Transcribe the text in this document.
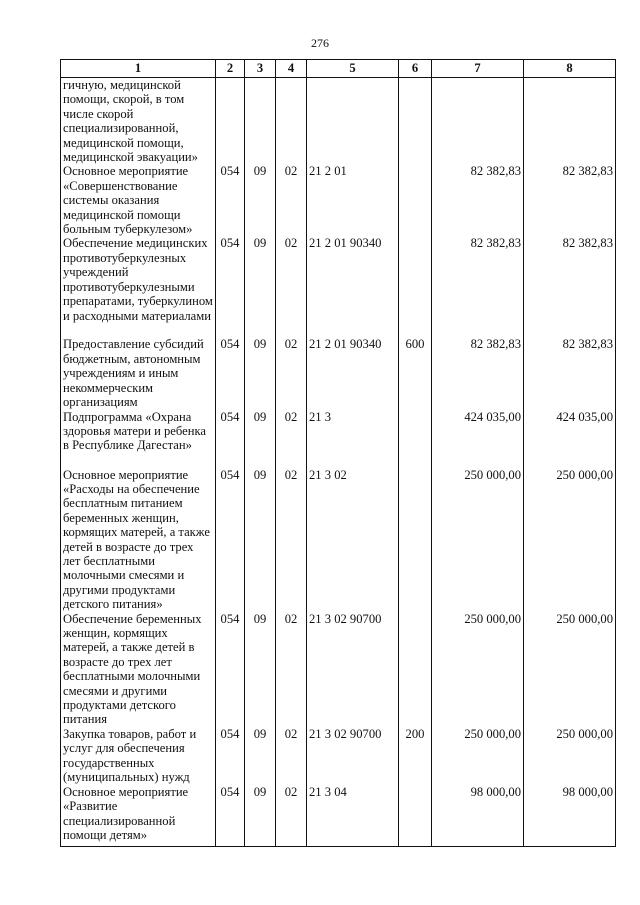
276
1	2	3	4	5	6	7	8
гичную, медицинской помощи, скорой, в том числе скорой специализированной, медицинской помощи, медицинской эвакуации»							
Основное мероприятие «Совершенствование системы оказания медицинской помощи больным туберкулезом»	054	09	02	21 2 01		82 382,83	82 382,83
Обеспечение медицинских противотуберкулезных учреждений противотуберкулезными препаратами, туберкулином и расходными материалами	054	09	02	21 2 01 90340		82 382,83	82 382,83
Предоставление субсидий бюджетным, автономным учреждениям и иным некоммерческим организациям	054	09	02	21 2 01 90340	600	82 382,83	82 382,83
Подпрограмма «Охрана здоровья матери и ребенка в Республике Дагестан»	054	09	02	21 3		424 035,00	424 035,00
Основное мероприятие «Расходы на обеспечение бесплатным питанием беременных женщин, кормящих матерей, а также детей в возрасте до трех лет бесплатными молочными смесями и другими продуктами детского питания»	054	09	02	21 3 02		250 000,00	250 000,00
Обеспечение беременных женщин, кормящих матерей, а также детей в возрасте до трех лет бесплатными молочными смесями и другими продуктами детского питания	054	09	02	21 3 02 90700		250 000,00	250 000,00
Закупка товаров, работ и услуг для обеспечения государственных (муниципальных) нужд	054	09	02	21 3 02 90700	200	250 000,00	250 000,00
Основное мероприятие «Развитие специализированной помощи детям»	054	09	02	21 3 04		98 000,00	98 000,00
